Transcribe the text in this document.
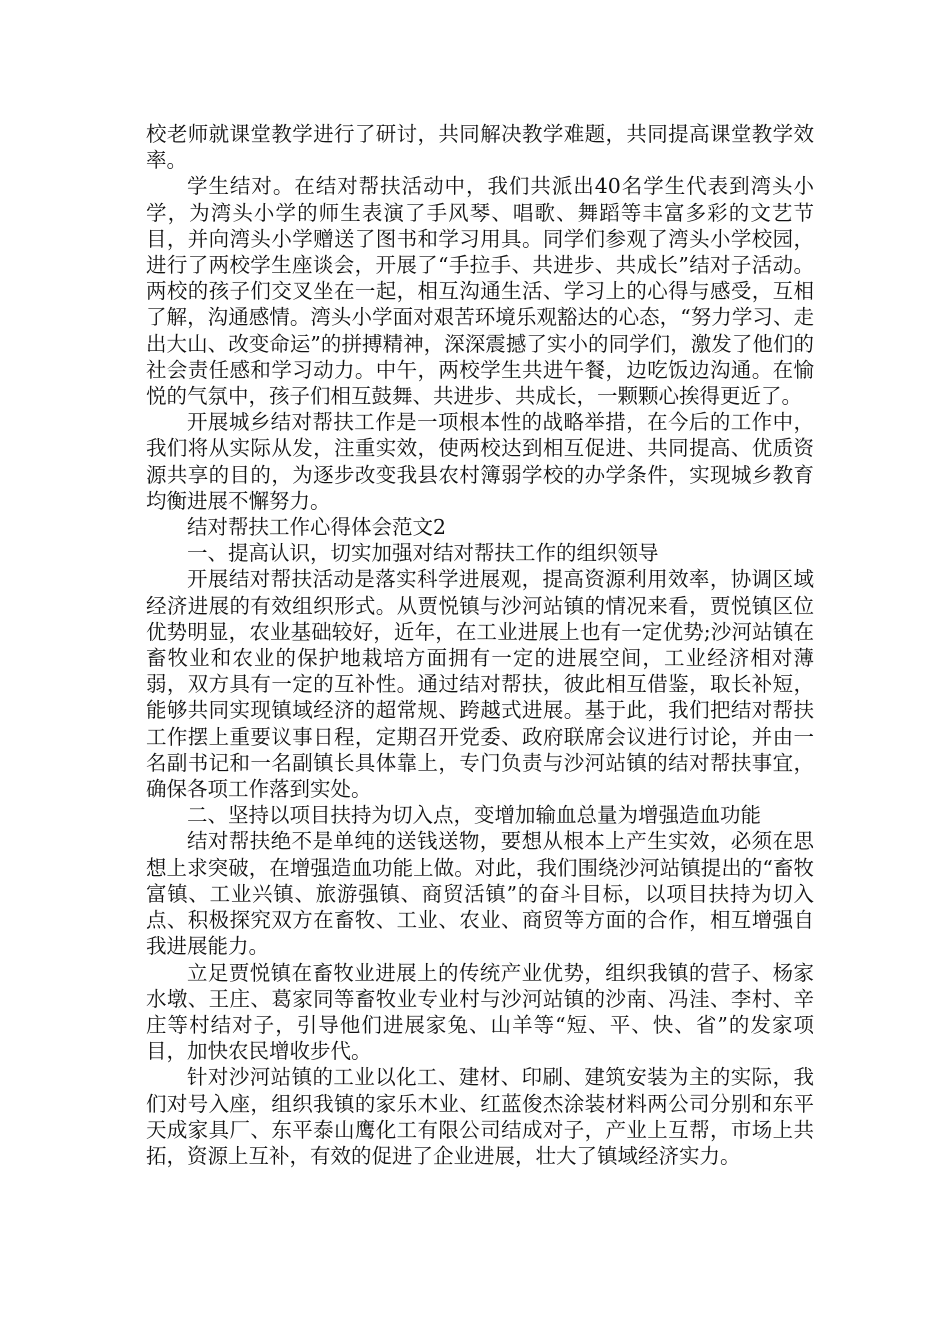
校老师就课堂教学进行了研讨，共同解决教学难题，共同提高课堂教学效率。

学生结对。在结对帮扶活动中，我们共派出40名学生代表到湾头小学，为湾头小学的师生表演了手风琴、唱歌、舞蹈等丰富多彩的文艺节目，并向湾头小学赠送了图书和学习用具。同学们参观了湾头小学校园，进行了两校学生座谈会，开展了“手拉手、共进步、共成长”结对子活动。两校的孩子们交叉坐在一起，相互沟通生活、学习上的心得与感受，互相了解，沟通感情。湾头小学面对艰苦环境乐观豁达的心态，“努力学习、走出大山、改变命运”的拼搏精神，深深震撼了实小的同学们，激发了他们的社会责任感和学习动力。中午，两校学生共进午餐，边吃饭边沟通。在愉悦的气氛中，孩子们相互鼓舞、共进步、共成长，一颗颗心挨得更近了。

开展城乡结对帮扶工作是一项根本性的战略举措，在今后的工作中，我们将从实际从发，注重实效，使两校达到相互促进、共同提高、优质资源共享的目的，为逐步改变我县农村簿弱学校的办学条件，实现城乡教育均衡进展不懈努力。

结对帮扶工作心得体会范文2

一、提高认识，切实加强对结对帮扶工作的组织领导

开展结对帮扶活动是落实科学进展观，提高资源利用效率，协调区域经济进展的有效组织形式。从贾悦镇与沙河站镇的情况来看，贾悦镇区位优势明显，农业基础较好，近年，在工业进展上也有一定优势;沙河站镇在畜牧业和农业的保护地栽培方面拥有一定的进展空间，工业经济相对薄弱，双方具有一定的互补性。通过结对帮扶，彼此相互借鉴，取长补短，能够共同实现镇域经济的超常规、跨越式进展。基于此，我们把结对帮扶工作摆上重要议事日程，定期召开党委、政府联席会议进行讨论，并由一名副书记和一名副镇长具体靠上，专门负责与沙河站镇的结对帮扶事宜，确保各项工作落到实处。

二、坚持以项目扶持为切入点，变增加输血总量为增强造血功能

结对帮扶绝不是单纯的送钱送物，要想从根本上产生实效，必须在思想上求突破，在增强造血功能上做。对此，我们围绕沙河站镇提出的“畜牧富镇、工业兴镇、旅游强镇、商贸活镇”的奋斗目标，以项目扶持为切入点、积极探究双方在畜牧、工业、农业、商贸等方面的合作，相互增强自我进展能力。

立足贾悦镇在畜牧业进展上的传统产业优势，组织我镇的营子、杨家水墩、王庄、葛家同等畜牧业专业村与沙河站镇的沙南、冯洼、李村、辛庄等村结对子，引导他们进展家兔、山羊等“短、平、快、省”的发家项目，加快农民增收步代。

针对沙河站镇的工业以化工、建材、印刷、建筑安装为主的实际，我们对号入座，组织我镇的家乐木业、红蓝俊杰涂装材料两公司分别和东平天成家具厂、东平泰山鹰化工有限公司结成对子，产业上互帮，市场上共拓，资源上互补，有效的促进了企业进展，壮大了镇域经济实力。
